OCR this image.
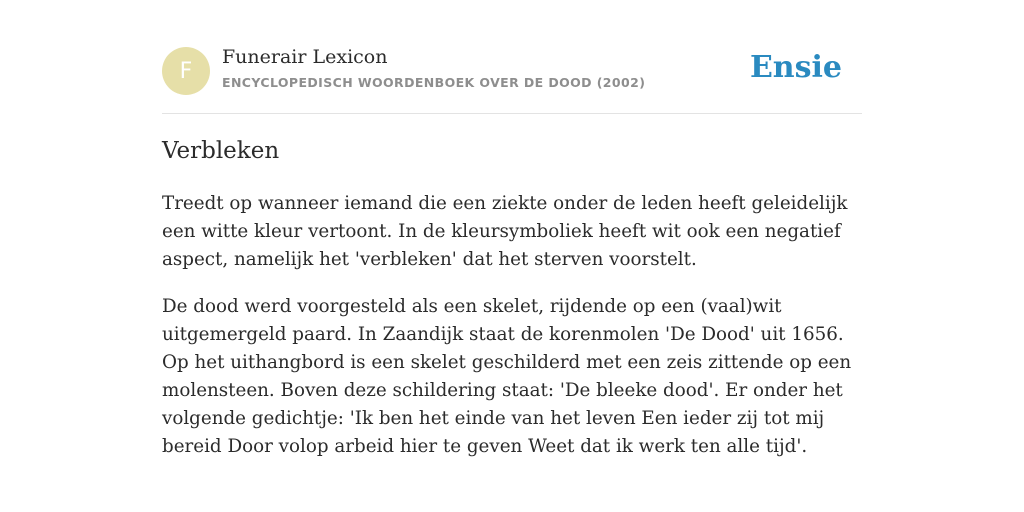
F
Funerair Lexicon
ENCYCLOPEDISCH WOORDENBOEK OVER DE DOOD (2002)	Ensie
Verbleken

Treedt op wanneer iemand die een ziekte onder de leden heeft geleidelijk een witte kleur vertoont. In de kleursymboliek heeft wit ook een negatief aspect, namelijk het 'verbleken' dat het sterven voorstelt.

De dood werd voorgesteld als een skelet, rijdende op een (vaal)wit uitgemergeld paard. In Zaandijk staat de korenmolen 'De Dood' uit 1656. Op het uithangbord is een skelet geschilderd met een zeis zittende op een molensteen. Boven deze schildering staat: 'De bleeke dood'. Er onder het volgende gedichtje: 'Ik ben het einde van het leven Een ieder zij tot mij bereid Door volop arbeid hier te geven Weet dat ik werk ten alle tijd'.
